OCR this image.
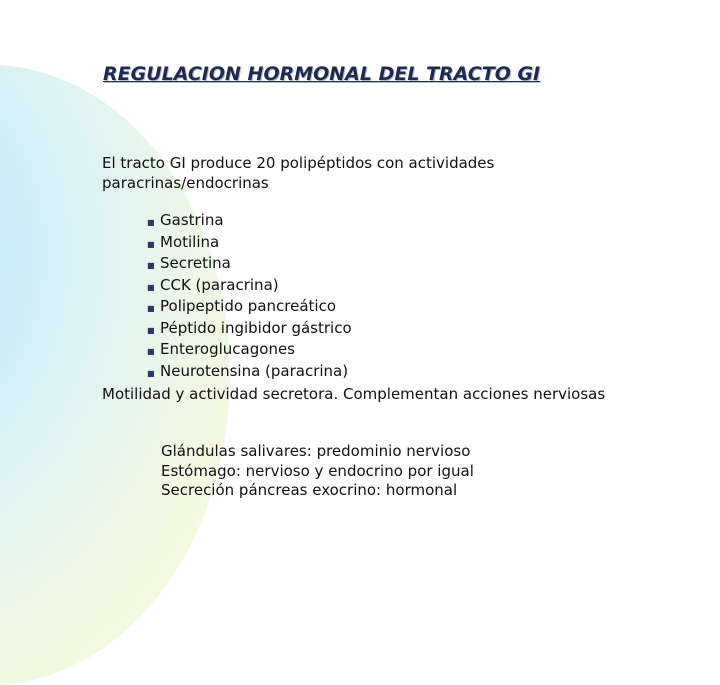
REGULACION HORMONAL DEL TRACTO GI

El tracto GI produce 20 polipéptidos con actividades paracrinas/endocrinas

■ Gastrina
■ Motilina
■ Secretina
■ CCK (paracrina)
■ Polipeptido pancreático
■ Péptido ingibidor gástrico
■ Enteroglucagones
■ Neurotensina (paracrina)

Motilidad y actividad secretora. Complementan acciones nerviosas

Glándulas salivares: predominio nervioso
Estómago: nervioso y endocrino por igual
Secreción páncreas exocrino: hormonal
